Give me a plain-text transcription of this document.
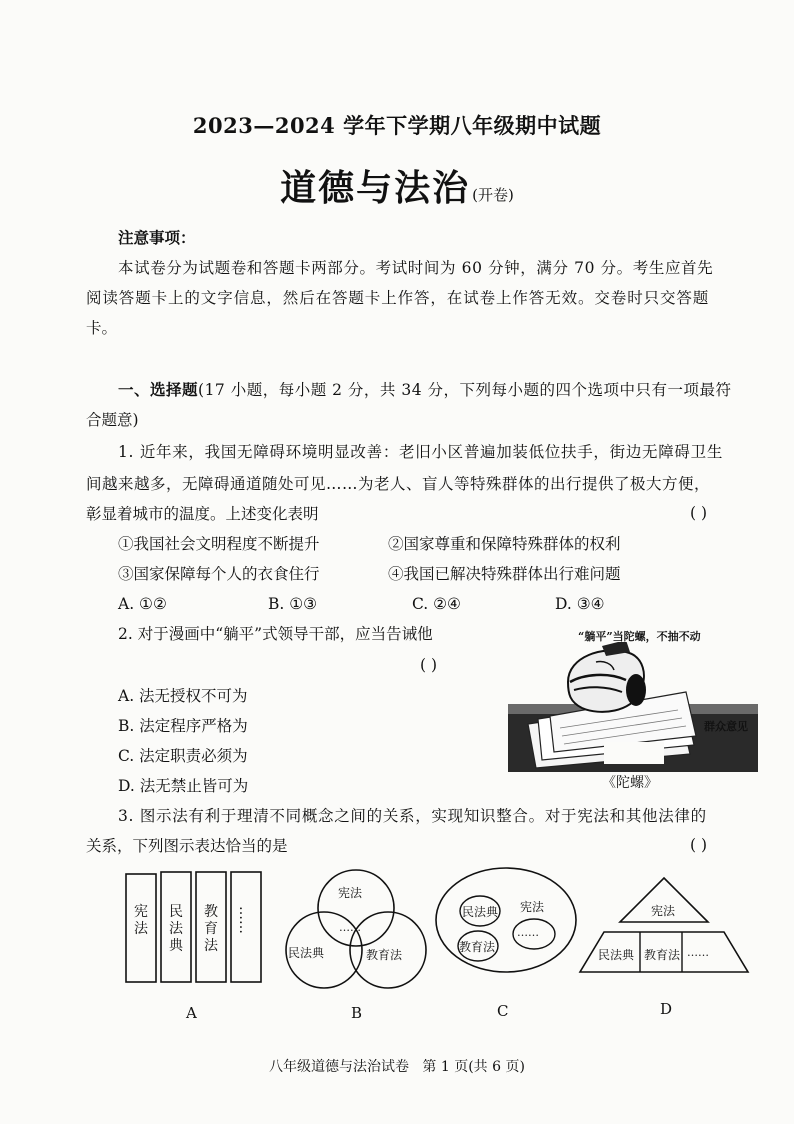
2023—2024 学年下学期八年级期中试题
道德与法治 (开卷)
注意事项：
本试卷分为试题卷和答题卡两部分。考试时间为 60 分钟，满分 70 分。考生应首先
阅读答题卡上的文字信息，然后在答题卡上作答，在试卷上作答无效。交卷时只交答题
卡。
一、选择题(17 小题，每小题 2 分，共 34 分，下列每小题的四个选项中只有一项最符
合题意)
1. 近年来，我国无障碍环境明显改善：老旧小区普遍加装低位扶手，街边无障碍卫生
间越来越多，无障碍通道随处可见……为老人、盲人等特殊群体的出行提供了极大方便，
彰显着城市的温度。上述变化表明	( )
①我国社会文明程度不断提升	②国家尊重和保障特殊群体的权利
③国家保障每个人的衣食住行	④我国已解决特殊群体出行难问题
A. ①②	B. ①③	C. ②④	D. ③④
2. 对于漫画中“躺平”式领导干部，应当告诫他
( )
A. 法无授权不可为
B. 法定程序严格为
C. 法定职责必须为
D. 法无禁止皆可为
“躺平”当陀螺，不抽不动
群众意见
《陀螺》
3. 图示法有利于理清不同概念之间的关系，实现知识整合。对于宪法和其他法律的
关系，下列图示表达恰当的是	( )
宪法
民法典
教育法
……
A
宪法
民法典	教育法
……
B
民法典 宪法
教育法
……
C
宪法
民法典 教育法 ……
D
八年级道德与法治试卷   第 1 页(共 6 页)
